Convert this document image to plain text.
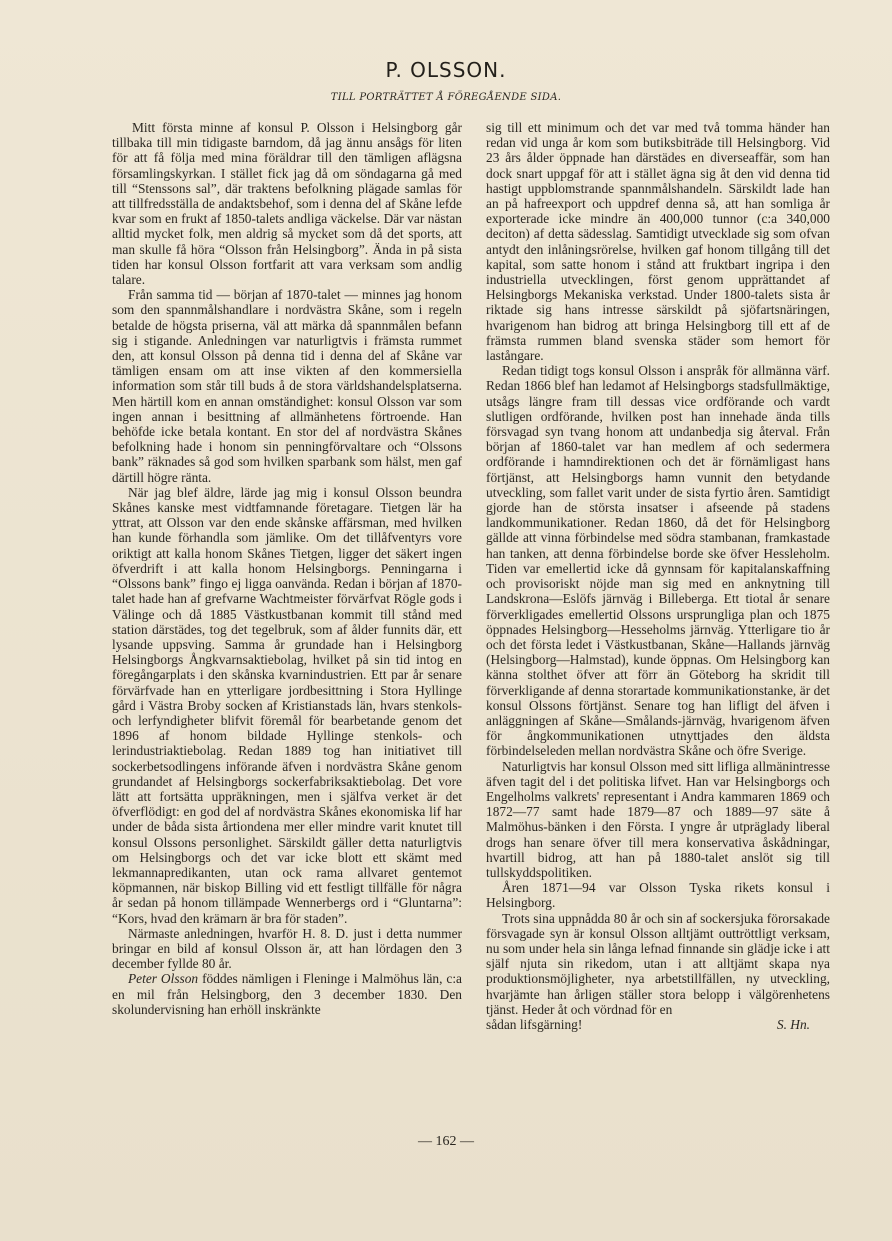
P. OLSSON.
TILL PORTRÄTTET Å FÖREGÅENDE SIDA.

Mitt första minne af konsul P. Olsson i Helsingborg går tillbaka till min tidigaste barndom, då jag ännu ansågs för liten för att få följa med mina föräldrar till den tämligen aflägsna församlingskyrkan. I stället fick jag då om söndagarna gå med till “Stenssons sal”, där traktens befolkning plägade samlas för att tillfredsställa de andaktsbehof, som i denna del af Skåne lefde kvar som en frukt af 1850-talets andliga väckelse. Där var nästan alltid mycket folk, men aldrig så mycket som då det sports, att man skulle få höra “Olsson från Helsingborg”. Ända in på sista tiden har konsul Olsson fortfarit att vara verksam som andlig talare.

Från samma tid — början af 1870-talet — minnes jag honom som den spannmålshandlare i nordvästra Skåne, som i regeln betalde de högsta priserna, väl att märka då spannmålen befann sig i stigande. Anledningen var naturligtvis i främsta rummet den, att konsul Olsson på denna tid i denna del af Skåne var tämligen ensam om att inse vikten af den kommersiella information som står till buds å de stora världshandelsplatserna. Men härtill kom en annan omständighet: konsul Olsson var som ingen annan i besittning af allmänhetens förtroende. Han behöfde icke betala kontant. En stor del af nordvästra Skånes befolkning hade i honom sin penningförvaltare och “Olssons bank” räknades så god som hvilken sparbank som hälst, men gaf därtill högre ränta.

När jag blef äldre, lärde jag mig i konsul Olsson beundra Skånes kanske mest vidtfamnande företagare. Tietgen lär ha yttrat, att Olsson var den ende skånske affärsman, med hvilken han kunde förhandla som jämlike. Om det tillåfventyrs vore oriktigt att kalla honom Skånes Tietgen, ligger det säkert ingen öfverdrift i att kalla honom Helsingborgs. Penningarna i “Olssons bank” fingo ej ligga oanvända. Redan i början af 1870-talet hade han af grefvarne Wachtmeister förvärfvat Rögle gods i Välinge och då 1885 Västkustbanan kommit till stånd med station därstädes, tog det tegelbruk, som af ålder funnits där, ett lysande uppsving. Samma år grundade han i Helsingborg Helsingborgs Ångkvarnsaktiebolag, hvilket på sin tid intog en föregångarplats i den skånska kvarnindustrien. Ett par år senare förvärfvade han en ytterligare jordbesittning i Stora Hyllinge gård i Västra Broby socken af Kristianstads län, hvars stenkols- och lerfyndigheter blifvit föremål för bearbetande genom det 1896 af honom bildade Hyllinge stenkols- och lerindustriaktiebolag. Redan 1889 tog han initiativet till sockerbetsodlingens införande äfven i nordvästra Skåne genom grundandet af Helsingborgs sockerfabriksaktiebolag. Det vore lätt att fortsätta uppräkningen, men i själfva verket är det öfverflödigt: en god del af nordvästra Skånes ekonomiska lif har under de båda sista årtiondena mer eller mindre varit knutet till konsul Olssons personlighet. Särskildt gäller detta naturligtvis om Helsingborgs och det var icke blott ett skämt med lekmannapredikanten, utan ock rama allvaret gentemot köpmannen, när biskop Billing vid ett festligt tillfälle för några år sedan på honom tillämpade Wennerbergs ord i “Gluntarna”: “Kors, hvad den krämarn är bra för staden”.

Närmaste anledningen, hvarför H. 8. D. just i detta nummer bringar en bild af konsul Olsson är, att han lördagen den 3 december fyllde 80 år.

Peter Olsson föddes nämligen i Fleninge i Malmöhus län, c:a en mil från Helsingborg, den 3 december 1830. Den skolundervisning han erhöll inskränkte

sig till ett minimum och det var med två tomma händer han redan vid unga år kom som butiksbiträde till Helsingborg. Vid 23 års ålder öppnade han därstädes en diverseaffär, som han dock snart uppgaf för att i stället ägna sig åt den vid denna tid hastigt uppblomstrande spannmålshandeln. Särskildt lade han an på hafreexport och uppdref denna så, att han somliga år exporterade icke mindre än 400,000 tunnor (c:a 340,000 deciton) af detta sädesslag. Samtidigt utvecklade sig som ofvan antydt den inlåningsrörelse, hvilken gaf honom tillgång till det kapital, som satte honom i stånd att fruktbart ingripa i den industriella utvecklingen, först genom upprättandet af Helsingborgs Mekaniska verkstad. Under 1800-talets sista år riktade sig hans intresse särskildt på sjöfartsnäringen, hvarigenom han bidrog att bringa Helsingborg till ett af de främsta rummen bland svenska städer som hemort för lastångare.

Redan tidigt togs konsul Olsson i anspråk för allmänna värf. Redan 1866 blef han ledamot af Helsingborgs stadsfullmäktige, utsågs längre fram till dessas vice ordförande och vardt slutligen ordförande, hvilken post han innehade ända tills försvagad syn tvang honom att undanbedja sig återval. Från början af 1860-talet var han medlem af och sedermera ordförande i hamndirektionen och det är förnämligast hans förtjänst, att Helsingborgs hamn vunnit den betydande utveckling, som fallet varit under de sista fyrtio åren. Samtidigt gjorde han de största insatser i afseende på stadens landkommunikationer. Redan 1860, då det för Helsingborg gällde att vinna förbindelse med södra stambanan, framkastade han tanken, att denna förbindelse borde ske öfver Hessleholm. Tiden var emellertid icke då gynnsam för kapitalanskaffning och provisoriskt nöjde man sig med en anknytning till Landskrona—Eslöfs järnväg i Billeberga. Ett tiotal år senare förverkligades emellertid Olssons ursprungliga plan och 1875 öppnades Helsingborg—Hesseholms järnväg. Ytterligare tio år och det första ledet i Västkustbanan, Skåne—Hallands järnväg (Helsingborg—Halmstad), kunde öppnas. Om Helsingborg kan känna stolthet öfver att förr än Göteborg ha skridit till förverkligande af denna storartade kommunikationstanke, är det konsul Olssons förtjänst. Senare tog han lifligt del äfven i anläggningen af Skåne—Smålands-järnväg, hvarigenom äfven för ångkommunikationen utnyttjades den äldsta förbindelseleden mellan nordvästra Skåne och öfre Sverige.

Naturligtvis har konsul Olsson med sitt lifliga allmänintresse äfven tagit del i det politiska lifvet. Han var Helsingborgs och Engelholms valkrets' representant i Andra kammaren 1869 och 1872—77 samt hade 1879—87 och 1889—97 säte å Malmöhus-bänken i den Första. I yngre år utpräglady liberal drogs han senare öfver till mera konservativa åskådningar, hvartill bidrog, att han på 1880-talet anslöt sig till tullskyddspolitiken.

Åren 1871—94 var Olsson Tyska rikets konsul i Helsingborg.

Trots sina uppnådda 80 år och sin af sockersjuka förorsakade försvagade syn är konsul Olsson alltjämt outtröttligt verksam, nu som under hela sin långa lefnad finnande sin glädje icke i att själf njuta sin rikedom, utan i att alltjämt skapa nya produktionsmöjligheter, nya arbetstillfällen, ny utveckling, hvarjämte han årligen ställer stora belopp i välgörenhetens tjänst. Heder åt och vördnad för en

sådan lifsgärning!	S. Hn.
— 162 —
